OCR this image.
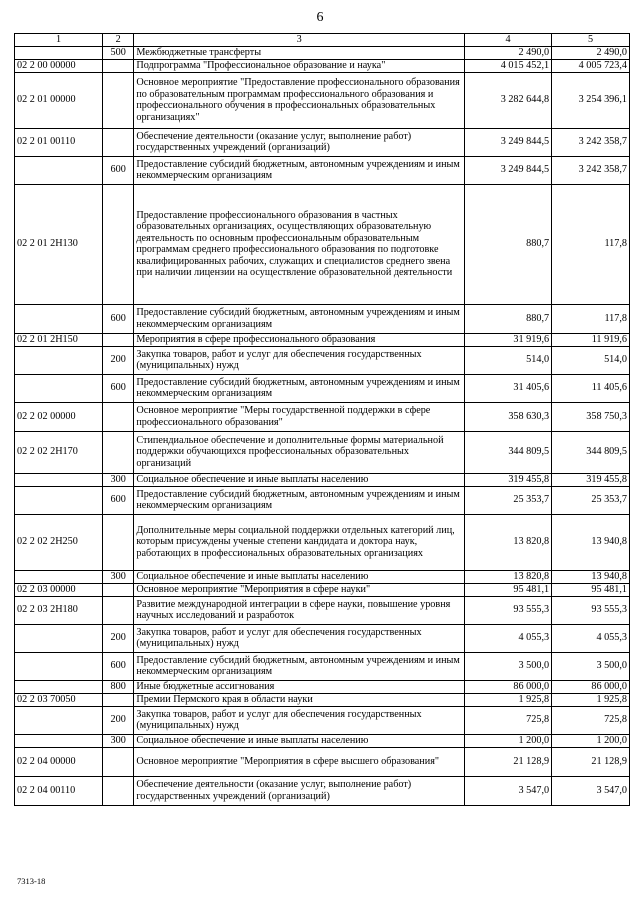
6
1	2	3	4	5
	500	Межбюджетные трансферты	2 490,0	2 490,0
02 2 00 00000		Подпрограмма "Профессиональное образование и наука"	4 015 452,1	4 005 723,4
02 2 01 00000		Основное мероприятие "Предоставление профессионального образования по образовательным программам профессионального образования и профессионального обучения в профессиональных образовательных организациях"	3 282 644,8	3 254 396,1
02 2 01 00110		Обеспечение деятельности (оказание услуг, выполнение работ) государственных учреждений (организаций)	3 249 844,5	3 242 358,7
	600	Предоставление субсидий бюджетным, автономным учреждениям и иным некоммерческим организациям	3 249 844,5	3 242 358,7
02 2 01 2Н130		Предоставление профессионального образования в частных образовательных организациях, осуществляющих образовательную деятельность по основным профессиональным образовательным программам среднего профессионального образования по подготовке квалифицированных рабочих, служащих и специалистов среднего звена при наличии лицензии на осуществление образовательной деятельности	880,7	117,8
	600	Предоставление субсидий бюджетным, автономным учреждениям и иным некоммерческим организациям	880,7	117,8
02 2 01 2Н150		Мероприятия в сфере профессионального образования	31 919,6	11 919,6
	200	Закупка товаров, работ и услуг для обеспечения государственных (муниципальных) нужд	514,0	514,0
	600	Предоставление субсидий бюджетным, автономным учреждениям и иным некоммерческим организациям	31 405,6	11 405,6
02 2 02 00000		Основное мероприятие "Меры государственной поддержки в сфере профессионального образования"	358 630,3	358 750,3
02 2 02 2Н170		Стипендиальное обеспечение и дополнительные формы материальной поддержки обучающихся профессиональных образовательных организаций	344 809,5	344 809,5
	300	Социальное обеспечение и иные выплаты населению	319 455,8	319 455,8
	600	Предоставление субсидий бюджетным, автономным учреждениям и иным некоммерческим организациям	25 353,7	25 353,7
02 2 02 2Н250		Дополнительные меры социальной поддержки отдельных категорий лиц, которым присуждены ученые степени кандидата и доктора наук, работающих в профессиональных образовательных организациях	13 820,8	13 940,8
	300	Социальное обеспечение и иные выплаты населению	13 820,8	13 940,8
02 2 03 00000		Основное мероприятие "Мероприятия в сфере науки"	95 481,1	95 481,1
02 2 03 2Н180		Развитие международной интеграции в сфере науки, повышение уровня научных исследований и разработок	93 555,3	93 555,3
	200	Закупка товаров, работ и услуг для обеспечения государственных (муниципальных) нужд	4 055,3	4 055,3
	600	Предоставление субсидий бюджетным, автономным учреждениям и иным некоммерческим организациям	3 500,0	3 500,0
	800	Иные бюджетные ассигнования	86 000,0	86 000,0
02 2 03 70050		Премии Пермского края в области науки	1 925,8	1 925,8
	200	Закупка товаров, работ и услуг для обеспечения государственных (муниципальных) нужд	725,8	725,8
	300	Социальное обеспечение и иные выплаты населению	1 200,0	1 200,0
02 2 04 00000		Основное мероприятие "Мероприятия в сфере высшего образования"	21 128,9	21 128,9
02 2 04 00110		Обеспечение деятельности (оказание услуг, выполнение работ) государственных учреждений (организаций)	3 547,0	3 547,0
7313-18
